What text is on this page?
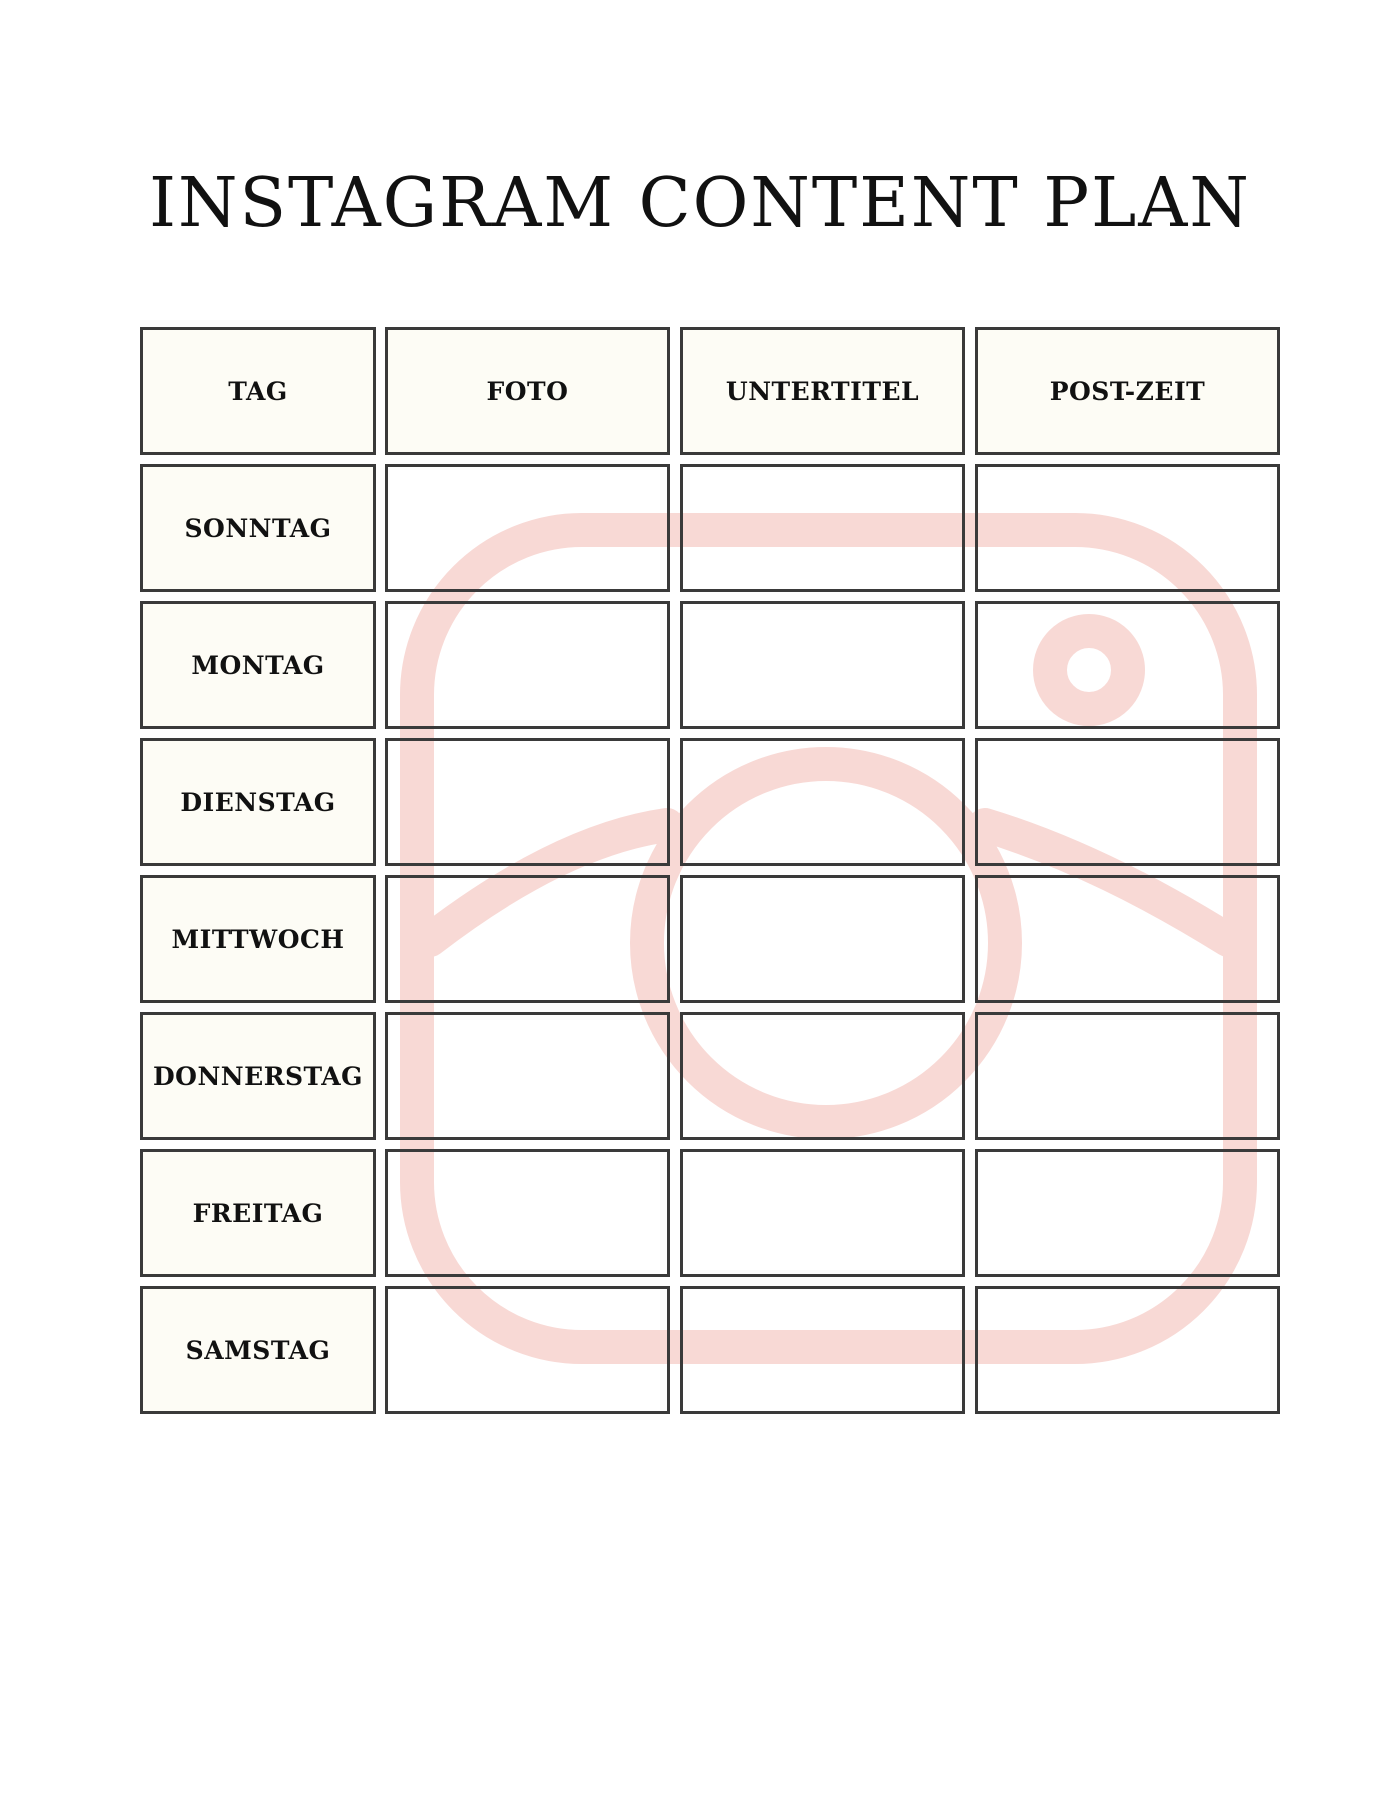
INSTAGRAM CONTENT PLAN
TAG	FOTO	UNTERTITEL	POST-ZEIT
SONNTAG
MONTAG
DIENSTAG
MITTWOCH
DONNERSTAG
FREITAG
SAMSTAG
